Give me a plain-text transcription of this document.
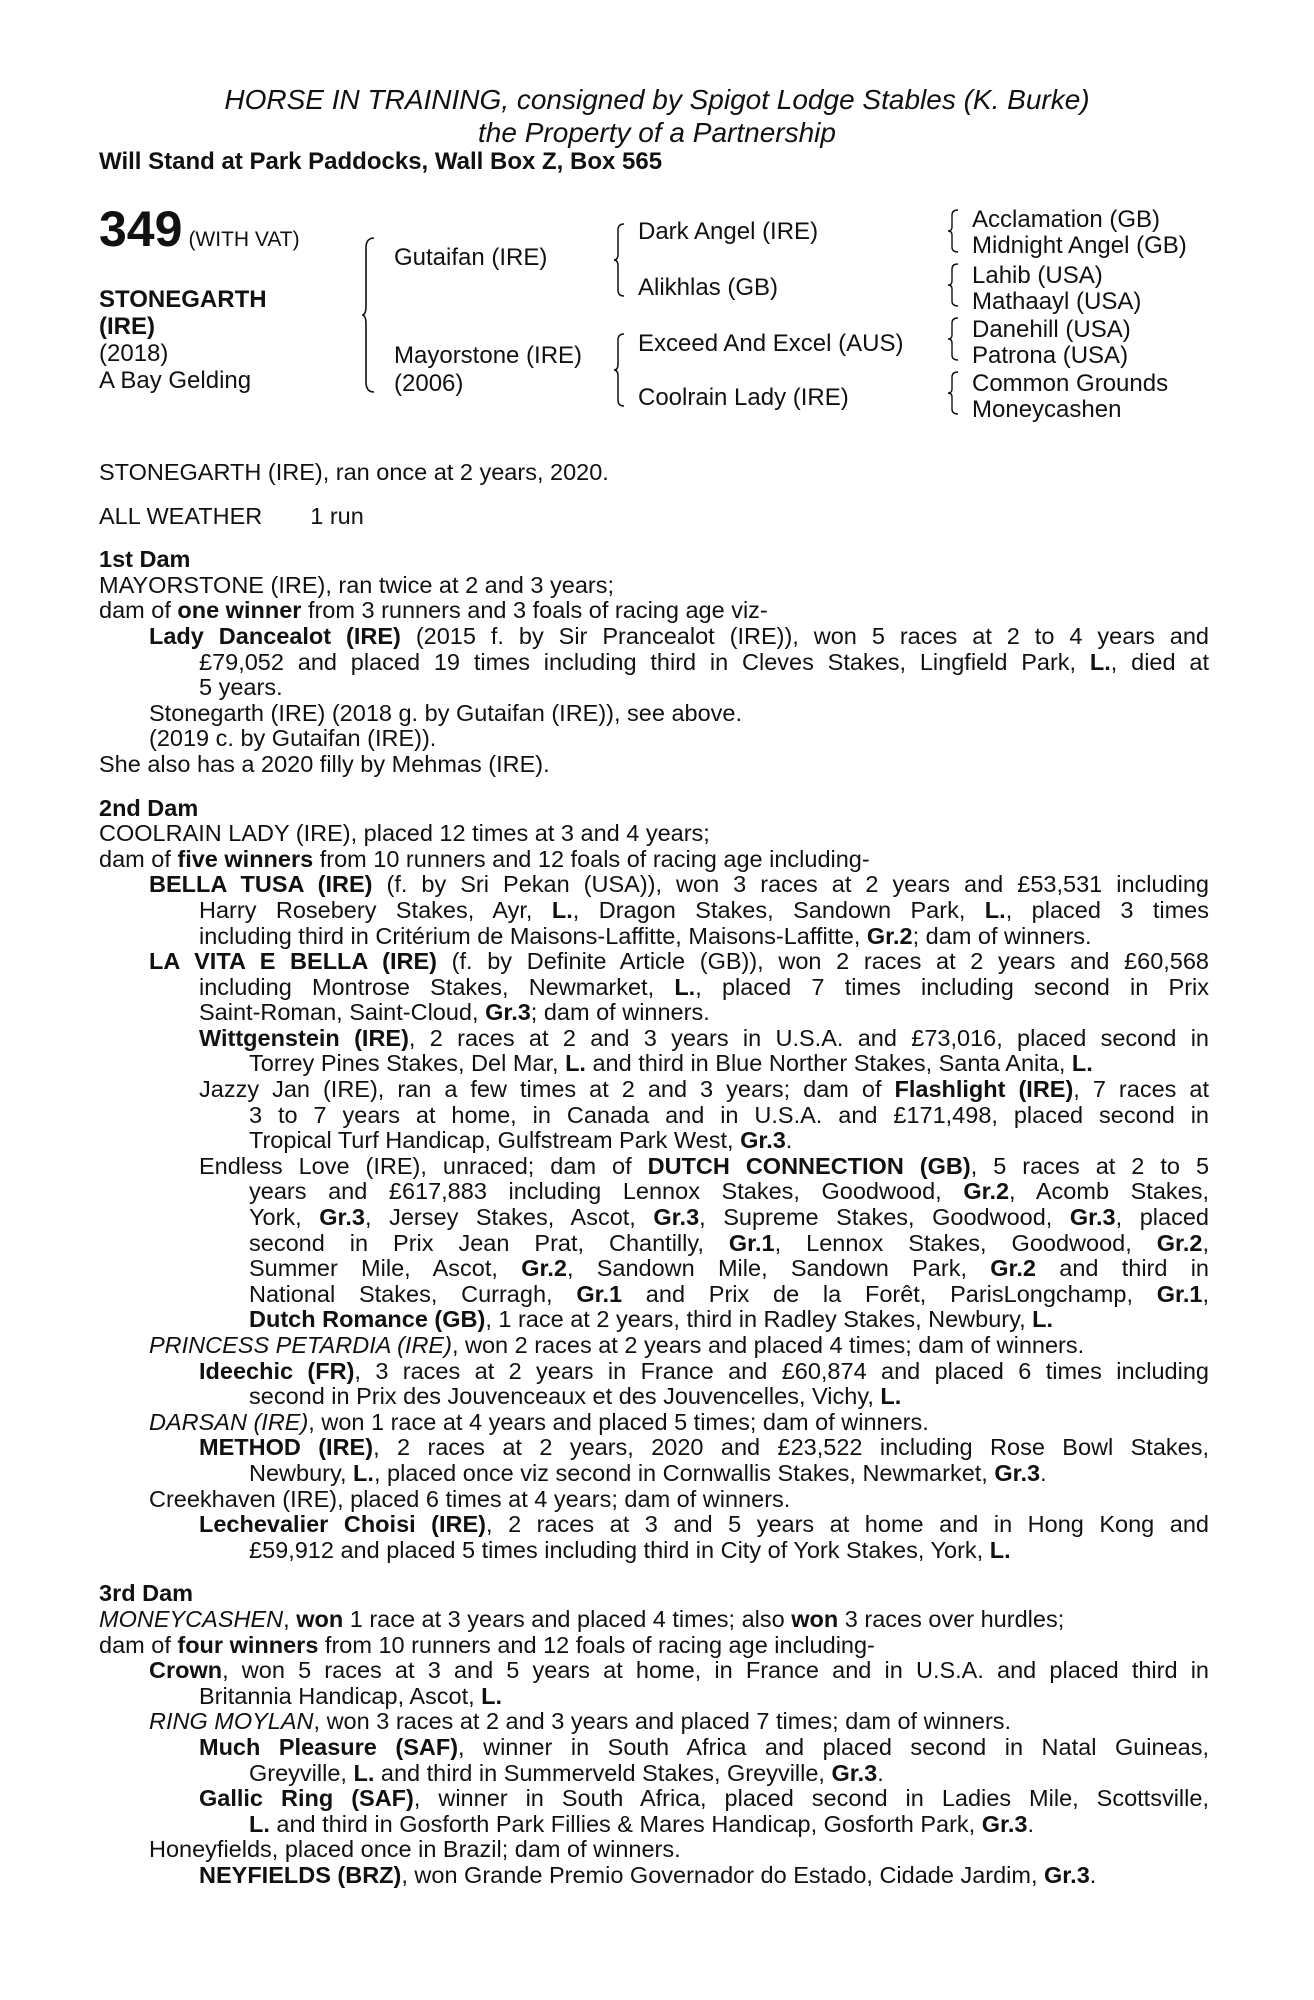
HORSE IN TRAINING, consigned by Spigot Lodge Stables (K. Burke)
the Property of a Partnership
Will Stand at Park Paddocks, Wall Box Z, Box 565
349 (WITH VAT)
STONEGARTH
(IRE)
(2018)
A Bay Gelding
Gutaifan (IRE)
Mayorstone (IRE)
(2006)
Dark Angel (IRE)
Alikhlas (GB)
Exceed And Excel (AUS)
Coolrain Lady (IRE)
Acclamation (GB)
Midnight Angel (GB)
Lahib (USA)
Mathaayl (USA)
Danehill (USA)
Patrona (USA)
Common Grounds
Moneycashen
STONEGARTH (IRE), ran once at 2 years, 2020.
ALL WEATHER 1 run
1st Dam
MAYORSTONE (IRE), ran twice at 2 and 3 years;
dam of one winner from 3 runners and 3 foals of racing age viz-
Lady Dancealot (IRE) (2015 f. by Sir Prancealot (IRE)), won 5 races at 2 to 4 years and
£79,052 and placed 19 times including third in Cleves Stakes, Lingfield Park, L., died at
5 years.
Stonegarth (IRE) (2018 g. by Gutaifan (IRE)), see above.
(2019 c. by Gutaifan (IRE)).
She also has a 2020 filly by Mehmas (IRE).
2nd Dam
COOLRAIN LADY (IRE), placed 12 times at 3 and 4 years;
dam of five winners from 10 runners and 12 foals of racing age including-
BELLA TUSA (IRE) (f. by Sri Pekan (USA)), won 3 races at 2 years and £53,531 including
Harry Rosebery Stakes, Ayr, L., Dragon Stakes, Sandown Park, L., placed 3 times
including third in Critérium de Maisons-Laffitte, Maisons-Laffitte, Gr.2; dam of winners.
LA VITA E BELLA (IRE) (f. by Definite Article (GB)), won 2 races at 2 years and £60,568
including Montrose Stakes, Newmarket, L., placed 7 times including second in Prix
Saint-Roman, Saint-Cloud, Gr.3; dam of winners.
Wittgenstein (IRE), 2 races at 2 and 3 years in U.S.A. and £73,016, placed second in
Torrey Pines Stakes, Del Mar, L. and third in Blue Norther Stakes, Santa Anita, L.
Jazzy Jan (IRE), ran a few times at 2 and 3 years; dam of Flashlight (IRE), 7 races at
3 to 7 years at home, in Canada and in U.S.A. and £171,498, placed second in
Tropical Turf Handicap, Gulfstream Park West, Gr.3.
Endless Love (IRE), unraced; dam of DUTCH CONNECTION (GB), 5 races at 2 to 5
years and £617,883 including Lennox Stakes, Goodwood, Gr.2, Acomb Stakes,
York, Gr.3, Jersey Stakes, Ascot, Gr.3, Supreme Stakes, Goodwood, Gr.3, placed
second in Prix Jean Prat, Chantilly, Gr.1, Lennox Stakes, Goodwood, Gr.2,
Summer Mile, Ascot, Gr.2, Sandown Mile, Sandown Park, Gr.2 and third in
National Stakes, Curragh, Gr.1 and Prix de la Forêt, ParisLongchamp, Gr.1,
Dutch Romance (GB), 1 race at 2 years, third in Radley Stakes, Newbury, L.
PRINCESS PETARDIA (IRE), won 2 races at 2 years and placed 4 times; dam of winners.
Ideechic (FR), 3 races at 2 years in France and £60,874 and placed 6 times including
second in Prix des Jouvenceaux et des Jouvencelles, Vichy, L.
DARSAN (IRE), won 1 race at 4 years and placed 5 times; dam of winners.
METHOD (IRE), 2 races at 2 years, 2020 and £23,522 including Rose Bowl Stakes,
Newbury, L., placed once viz second in Cornwallis Stakes, Newmarket, Gr.3.
Creekhaven (IRE), placed 6 times at 4 years; dam of winners.
Lechevalier Choisi (IRE), 2 races at 3 and 5 years at home and in Hong Kong and
£59,912 and placed 5 times including third in City of York Stakes, York, L.
3rd Dam
MONEYCASHEN, won 1 race at 3 years and placed 4 times; also won 3 races over hurdles;
dam of four winners from 10 runners and 12 foals of racing age including-
Crown, won 5 races at 3 and 5 years at home, in France and in U.S.A. and placed third in
Britannia Handicap, Ascot, L.
RING MOYLAN, won 3 races at 2 and 3 years and placed 7 times; dam of winners.
Much Pleasure (SAF), winner in South Africa and placed second in Natal Guineas,
Greyville, L. and third in Summerveld Stakes, Greyville, Gr.3.
Gallic Ring (SAF), winner in South Africa, placed second in Ladies Mile, Scottsville,
L. and third in Gosforth Park Fillies & Mares Handicap, Gosforth Park, Gr.3.
Honeyfields, placed once in Brazil; dam of winners.
NEYFIELDS (BRZ), won Grande Premio Governador do Estado, Cidade Jardim, Gr.3.
